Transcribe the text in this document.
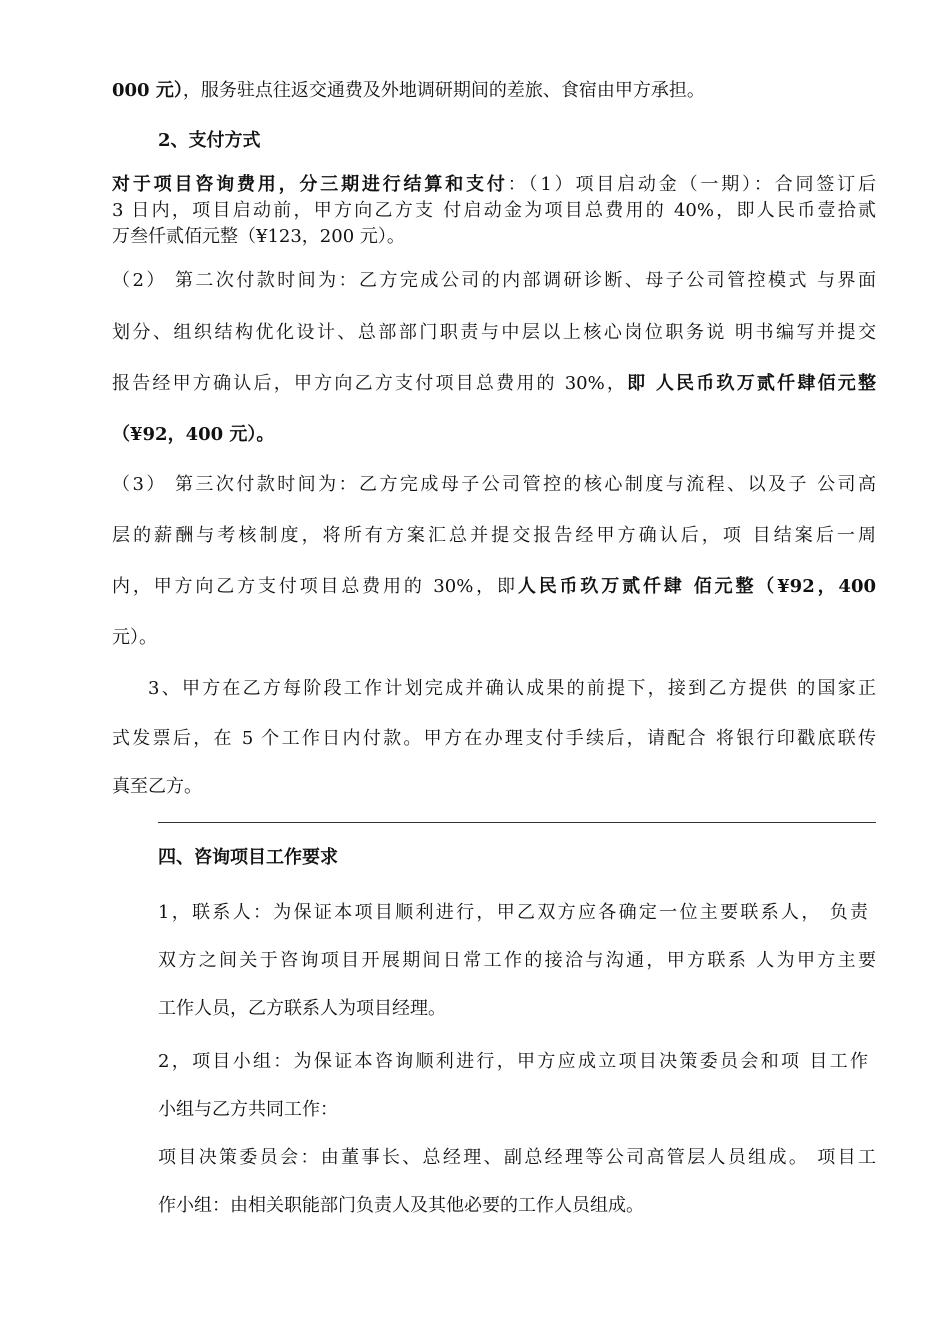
000 元），服务驻点往返交通费及外地调研期间的差旅、食宿由甲方承担。
2、支付方式
对于项目咨询费用，分三期进行结算和支付：（1）项目启动金（一期）：合同签订后
3 日内，项目启动前，甲方向乙方支 付启动金为项目总费用的 40%，即人民币壹拾贰
万叁仟贰佰元整（¥123，200 元）。
（2） 第二次付款时间为：乙方完成公司的内部调研诊断、母子公司管控模式 与界面
划分、组织结构优化设计、总部部门职责与中层以上核心岗位职务说 明书编写并提交
报告经甲方确认后，甲方向乙方支付项目总费用的 30%，即 人民币玖万贰仟肆佰元整
（¥92，400 元）。
（3） 第三次付款时间为：乙方完成母子公司管控的核心制度与流程、以及子 公司高
层的薪酬与考核制度，将所有方案汇总并提交报告经甲方确认后，项 目结案后一周
内，甲方向乙方支付项目总费用的 30%，即人民币玖万贰仟肆 佰元整（¥92，400
元）。
3、甲方在乙方每阶段工作计划完成并确认成果的前提下，接到乙方提供 的国家正
式发票后，在 5 个工作日内付款。甲方在办理支付手续后，请配合 将银行印戳底联传
真至乙方。
四、咨询项目工作要求
1，联系人：为保证本项目顺利进行，甲乙双方应各确定一位主要联系人， 负责
双方之间关于咨询项目开展期间日常工作的接洽与沟通，甲方联系 人为甲方主要
工作人员，乙方联系人为项目经理。
2，项目小组：为保证本咨询顺利进行，甲方应成立项目决策委员会和项 目工作
小组与乙方共同工作：
项目决策委员会：由董事长、总经理、副总经理等公司高管层人员组成。 项目工
作小组：由相关职能部门负责人及其他必要的工作人员组成。
